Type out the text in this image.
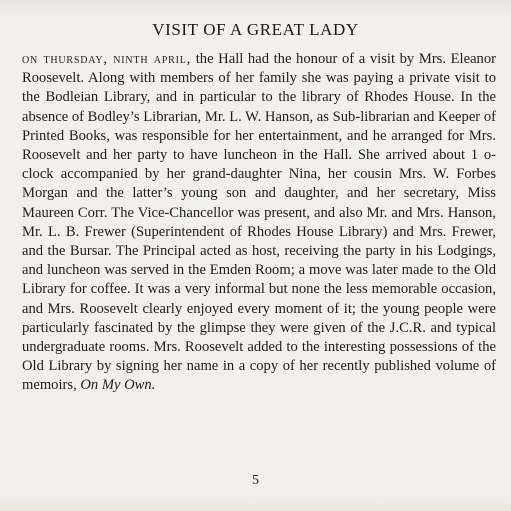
VISIT OF A GREAT LADY
on thursday, ninth april, the Hall had the honour of a visit by Mrs. Eleanor Roosevelt. Along with members of her family she was paying a private visit to the Bodleian Library, and in particular to the library of Rhodes House. In the absence of Bodley’s Librarian, Mr. L. W. Hanson, as Sub-librarian and Keeper of Printed Books, was responsible for her entertainment, and he arranged for Mrs. Roosevelt and her party to have luncheon in the Hall. She arrived about 1 o-clock accompanied by her grand-daughter Nina, her cousin Mrs. W. Forbes Morgan and the latter’s young son and daughter, and her secretary, Miss Maureen Corr. The Vice-Chancellor was present, and also Mr. and Mrs. Hanson, Mr. L. B. Frewer (Superintendent of Rhodes House Library) and Mrs. Frewer, and the Bursar. The Principal acted as host, receiving the party in his Lodgings, and luncheon was served in the Emden Room; a move was later made to the Old Library for coffee. It was a very informal but none the less memorable occasion, and Mrs. Roosevelt clearly enjoyed every moment of it; the young people were particularly fascinated by the glimpse they were given of the J.C.R. and typical undergraduate rooms. Mrs. Roosevelt added to the interesting possessions of the Old Library by signing her name in a copy of her recently published volume of memoirs, On My Own.
5
